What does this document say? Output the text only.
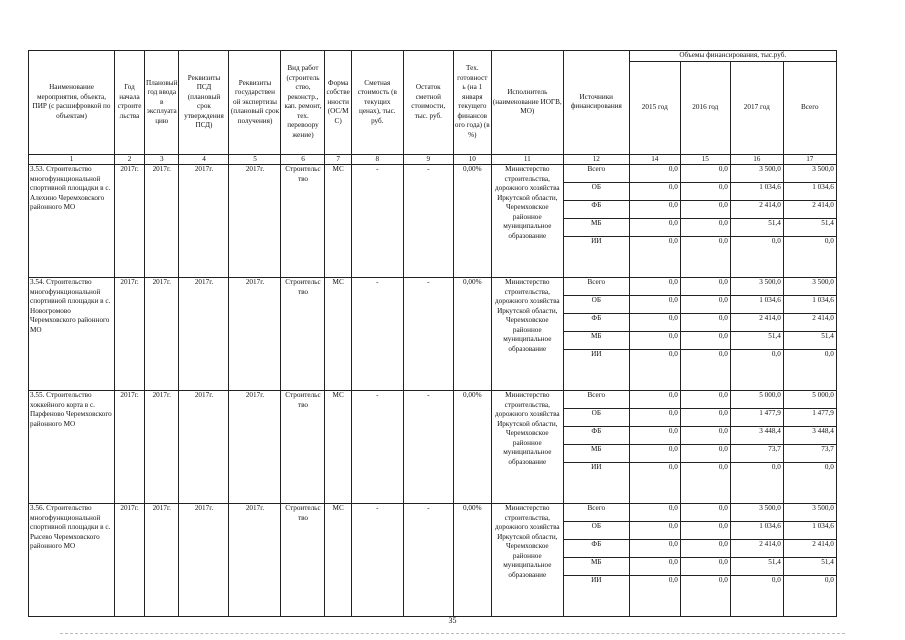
Наименование мероприятия, объекта, ПИР (с расшифровкой по объектам)	Год начала строите льства	Плановый год ввода в эксплуата цию	Реквизиты ПСД (плановый срок утверждения ПСД)	Реквизиты государствен ой экспертизы (плановый срок получения)	Вид работ (строитель ство, реконстр., кап. ремонт, тех. перевоору жение)	Форма собстве нности (ОС/М С)	Сметная стоимость (в текущих ценах), тыс. руб.	Остаток сметной стоимости, тыс. руб.	Тех. готовност ь (на 1 января текущего финансов ого года) (в %)	Исполнитель (наименование ИОГВ, МО)	Источники финансирования	Объемы финансирования, тыс.руб.			
												2015 год	2016 год	2017 год	Всего
1	2	3	4	5	6	7	8	9	10	11	12	14	15	16	17
3.53. Строительство многофункциональной спортивной площадки в с. Алехино Черемховского районного МО	2017г.	2017г.	2017г.	2017г.	Строительс тво	МС	-	-	0,00%	Министерство строительства, дорожного хозяйства Иркутской области, Черемховское районное муниципальное образование	Всего	0,0	0,0	3 500,0	3 500,0
											ОБ	0,0	0,0	1 034,6	1 034,6
											ФБ	0,0	0,0	2 414,0	2 414,0
											МБ	0,0	0,0	51,4	51,4
											ИИ	0,0	0,0	0,0	0,0
3.54. Строительство многофункциональной спортивной площадки в с. Новогромово Черемховского районного МО	2017г.	2017г.	2017г.	2017г.	Строительс тво	МС	-	-	0,00%	Министерство строительства, дорожного хозяйства Иркутской области, Черемховское районное муниципальное образование	Всего	0,0	0,0	3 500,0	3 500,0
											ОБ	0,0	0,0	1 034,6	1 034,6
											ФБ	0,0	0,0	2 414,0	2 414,0
											МБ	0,0	0,0	51,4	51,4
											ИИ	0,0	0,0	0,0	0,0
3.55. Строительство хоккейного корта в с. Парфеново Черемховского районного МО	2017г.	2017г.	2017г.	2017г.	Строительс тво	МС	-	-	0,00%	Министерство строительства, дорожного хозяйства Иркутской области, Черемховское районное муниципальное образование	Всего	0,0	0,0	5 000,0	5 000,0
											ОБ	0,0	0,0	1 477,9	1 477,9
											ФБ	0,0	0,0	3 448,4	3 448,4
											МБ	0,0	0,0	73,7	73,7
											ИИ	0,0	0,0	0,0	0,0
3.56. Строительство многофункциональной спортивной площадки в с. Рысево Черемховского районного МО	2017г.	2017г.	2017г.	2017г.	Строительс тво	МС	-	-	0,00%	Министерство строительства, дорожного хозяйства Иркутской области, Черемховское районное муниципальное образование	Всего	0,0	0,0	3 500,0	3 500,0
											ОБ	0,0	0,0	1 034,6	1 034,6
											ФБ	0,0	0,0	2 414,0	2 414,0
											МБ	0,0	0,0	51,4	51,4
											ИИ	0,0	0,0	0,0	0,0
35
